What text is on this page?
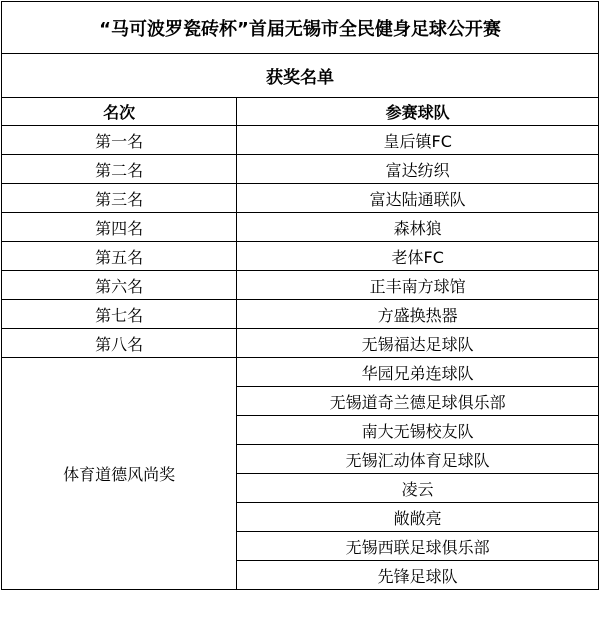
“马可波罗瓷砖杯”首届无锡市全民健身足球公开赛	
获奖名单	
名次	参赛球队
第一名	皇后镇FC
第二名	富达纺织
第三名	富达陆通联队
第四名	森林狼
第五名	老体FC
第六名	正丰南方球馆
第七名	方盛换热器
第八名	无锡福达足球队
体育道德风尚奖	华园兄弟连球队
	无锡道奇兰德足球俱乐部
	南大无锡校友队
	无锡汇动体育足球队
	凌云
	敞敞亮
	无锡西联足球俱乐部
	先锋足球队
